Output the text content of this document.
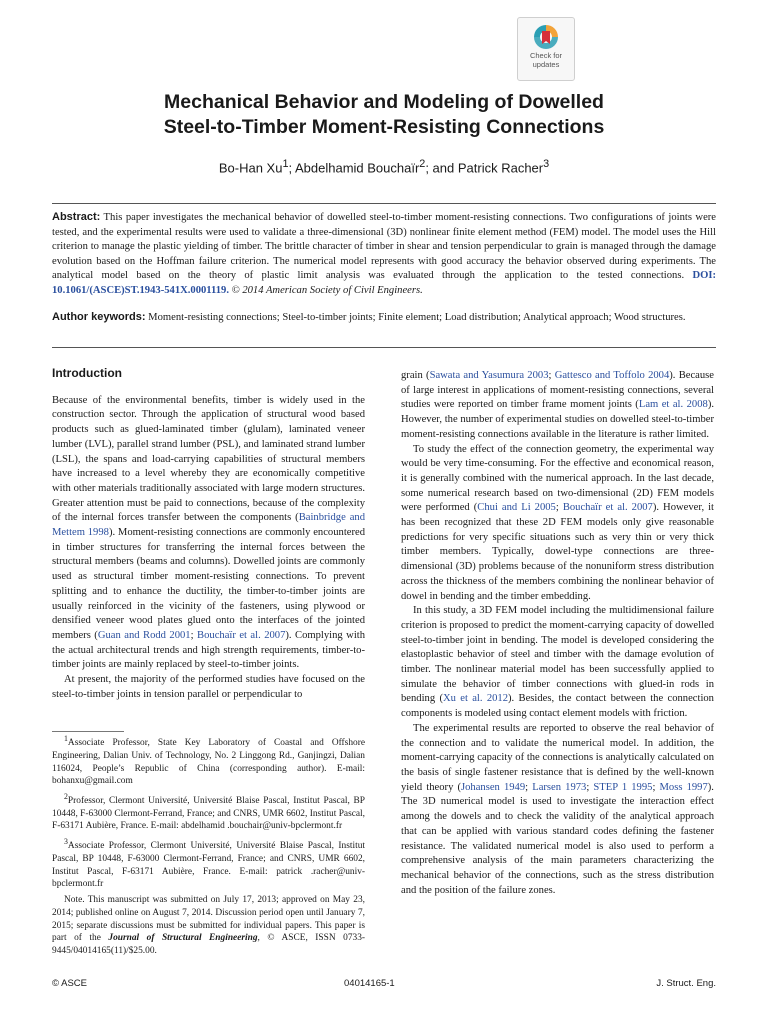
Check for
updates
Mechanical Behavior and Modeling of Dowelled
Steel-to-Timber Moment-Resisting Connections
Bo-Han Xu$^1$; Abdelhamid Bouchaïr$^2$; and Patrick Racher$^3$
Abstract: This paper investigates the mechanical behavior of dowelled steel-to-timber moment-resisting connections. Two configurations of joints were tested, and the experimental results were used to validate a three-dimensional (3D) nonlinear finite element method (FEM) model. The model uses the Hill criterion to manage the plastic yielding of timber. The brittle character of timber in shear and tension perpendicular to grain is managed through the damage evolution based on the Hoffman failure criterion. The numerical model represents with good accuracy the behavior observed during experiments. The analytical model based on the theory of plastic limit analysis was evaluated through the application to the tested connections. DOI: 10.1061/(ASCE)ST.1943-541X.0001119. © 2014 American Society of Civil Engineers.
Author keywords: Moment-resisting connections; Steel-to-timber joints; Finite element; Load distribution; Analytical approach; Wood structures.
Introduction

Because of the environmental benefits, timber is widely used in the construction sector. Through the application of structural wood based products such as glued-laminated timber (glulam), laminated veneer lumber (LVL), parallel strand lumber (PSL), and laminated strand lumber (LSL), the spans and load-carrying capabilities of structural members have increased to a level whereby they are economically competitive with other materials traditionally associated with large modern structures. Greater attention must be paid to connections, because of the complexity of the internal forces transfer between the components (Bainbridge and Mettem 1998). Moment-resisting connections are commonly encountered in timber structures for transferring the internal forces between the structural members (beams and columns). Dowelled joints are commonly used as structural timber moment-resisting connections. To prevent splitting and to enhance the ductility, the timber-to-timber joints are usually reinforced in the vicinity of the fasteners, using plywood or densified veneer wood plates glued onto the interfaces of the jointed members (Guan and Rodd 2001; Bouchaïr et al. 2007). Complying with the actual architectural trends and high strength requirements, timber-to-timber joints are mainly replaced by steel-to-timber joints.

At present, the majority of the performed studies have focused on the steel-to-timber joints in tension parallel or perpendicular to

$^1$Associate Professor, State Key Laboratory of Coastal and Offshore Engineering, Dalian Univ. of Technology, No. 2 Linggong Rd., Ganjingzi, Dalian 116024, People’s Republic of China (corresponding author). E-mail: bohanxu@gmail.com

$^2$Professor, Clermont Université, Université Blaise Pascal, Institut Pascal, BP 10448, F-63000 Clermont-Ferrand, France; and CNRS, UMR 6602, Institut Pascal, F-63171 Aubière, France. E-mail: abdelhamid .bouchair@univ-bpclermont.fr

$^3$Associate Professor, Clermont Université, Université Blaise Pascal, Institut Pascal, BP 10448, F-63000 Clermont-Ferrand, France; and CNRS, UMR 6602, Institut Pascal, F-63171 Aubière, France. E-mail: patrick .racher@univ-bpclermont.fr

Note. This manuscript was submitted on July 17, 2013; approved on May 23, 2014; published online on August 7, 2014. Discussion period open until January 7, 2015; separate discussions must be submitted for individual papers. This paper is part of the Journal of Structural Engineering, © ASCE, ISSN 0733-9445/04014165(11)/$25.00.

grain (Sawata and Yasumura 2003; Gattesco and Toffolo 2004). Because of large interest in applications of moment-resisting connections, several studies were reported on timber frame moment joints (Lam et al. 2008). However, the number of experimental studies on dowelled steel-to-timber moment-resisting connections available in the literature is rather limited.

To study the effect of the connection geometry, the experimental way would be very time-consuming. For the effective and economical reason, it is generally combined with the numerical approach. In the last decade, some numerical research based on two-dimensional (2D) FEM models were performed (Chui and Li 2005; Bouchaïr et al. 2007). However, it has been recognized that these 2D FEM models only give reasonable predictions for very specific situations such as very thin or very thick timber members. Typically, dowel-type connections are three-dimensional (3D) problems because of the nonuniform stress distribution across the thickness of the members combining the nonlinear behavior of dowel in bending and the timber embedding.

In this study, a 3D FEM model including the multidimensional failure criterion is proposed to predict the moment-carrying capacity of dowelled steel-to-timber joint in bending. The model is developed considering the elastoplastic behavior of steel and timber with the damage evolution of timber. The nonlinear material model has been successfully applied to simulate the behavior of timber connections with glued-in rods in bending (Xu et al. 2012). Besides, the contact between the connection components is modeled using contact element models with friction.

The experimental results are reported to observe the real behavior of the connection and to validate the numerical model. In addition, the moment-carrying capacity of the connections is analytically calculated on the basis of single fastener resistance that is defined by the well-known yield theory (Johansen 1949; Larsen 1973; STEP 1 1995; Moss 1997). The 3D numerical model is used to investigate the interaction effect among the dowels and to check the validity of the analytical approach that can be applied with various standard codes defining the fastener resistance. The validated numerical model is also used to perform a comprehensive analysis of the main parameters characterizing the mechanical behavior of the connections, such as the stress distribution and the position of the failure zones.

© ASCE	04014165-1	J. Struct. Eng.
